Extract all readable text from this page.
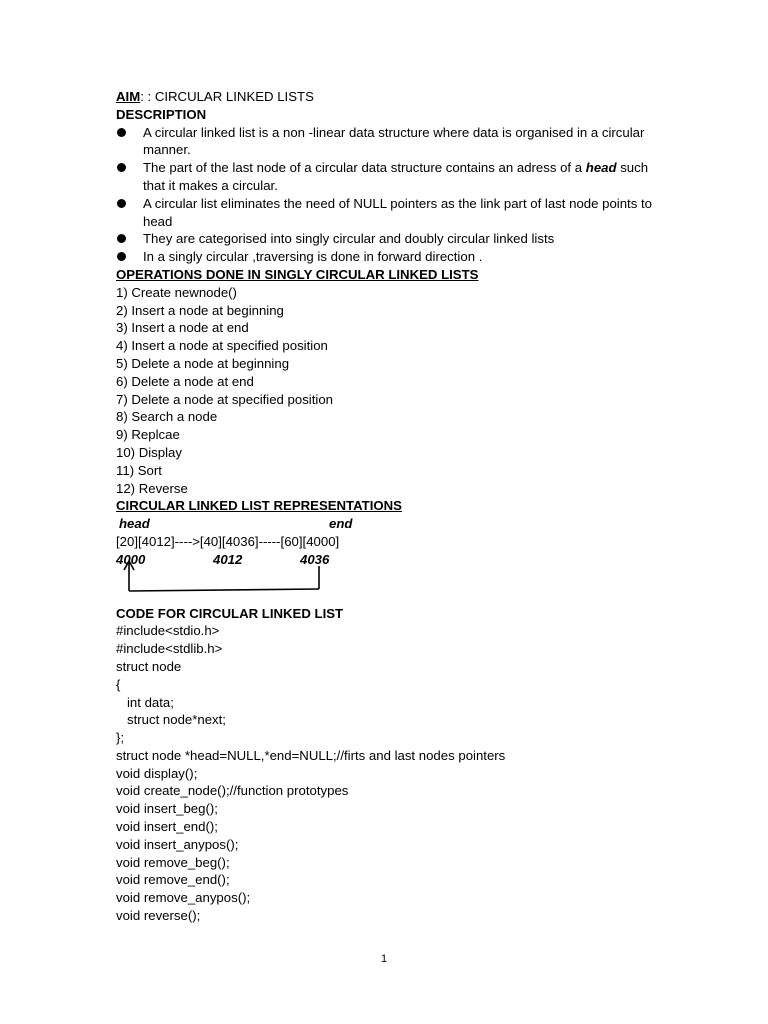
AIM: : CIRCULAR LINKED LISTS
DESCRIPTION
A circular linked list is a non -linear data structure where data is organised in a circular manner.
The part of the last node of a circular data structure contains an adress of a head such that it makes a circular.
A circular list eliminates the need of NULL pointers as the link part of last node points to head
They are categorised into singly circular and doubly circular linked lists
In a singly circular ,traversing is done in forward direction .
OPERATIONS DONE IN SINGLY CIRCULAR LINKED LISTS
1) Create newnode()
2) Insert a node at beginning
3) Insert a node at end
4) Insert a node at specified position
5) Delete a node at beginning
6) Delete a node at end
7) Delete a node at specified position
8) Search a node
9) Replcae
10) Display
11) Sort
12) Reverse
CIRCULAR LINKED LIST REPRESENTATIONS
head	end
[20][4012]---->[40][4036]-----[60][4000]
4000	4012	4036
CODE FOR CIRCULAR LINKED LIST
#include<stdio.h>
#include<stdlib.h>
struct node
{
int data;
struct node*next;
};
struct node *head=NULL,*end=NULL;//firts and last nodes pointers
void display();
void create_node();//function prototypes
void insert_beg();
void insert_end();
void insert_anypos();
void remove_beg();
void remove_end();
void remove_anypos();
void reverse();
1
